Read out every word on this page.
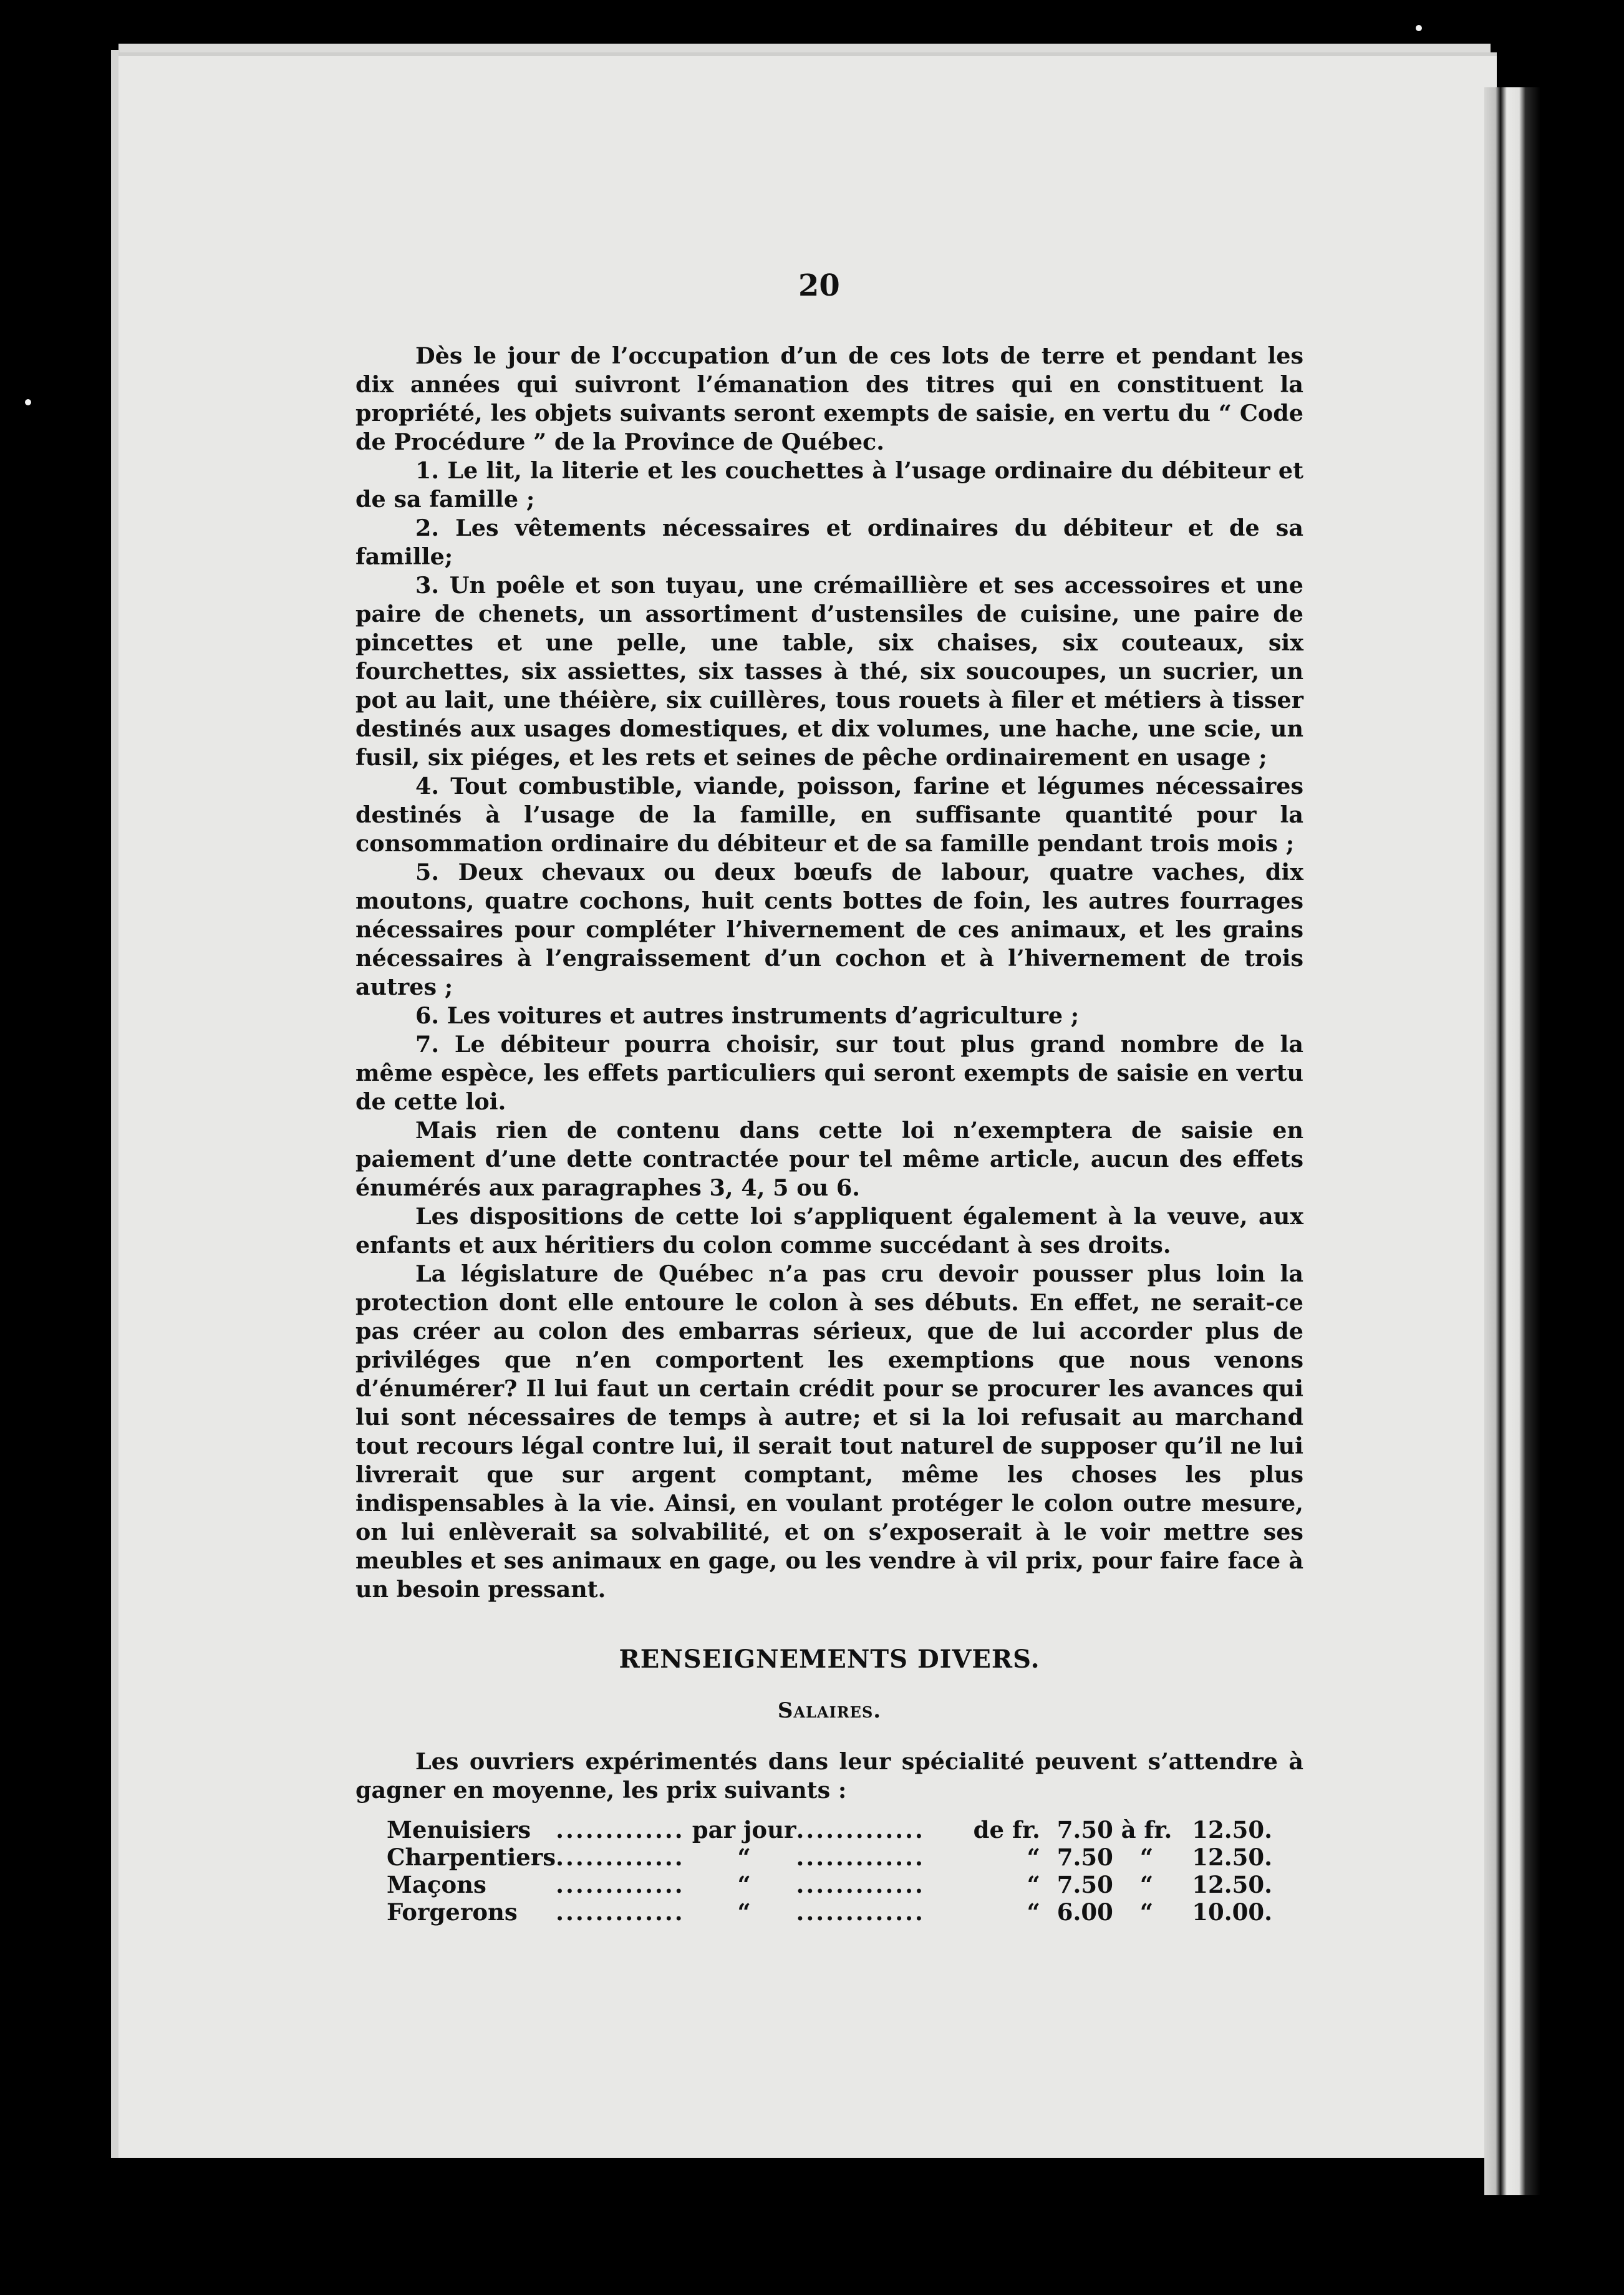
20

Dès le jour de l’occupation d’un de ces lots de terre et pendant les dix années qui suivront l’émanation des titres qui en constituent la propriété, les objets suivants seront exempts de saisie, en vertu du “ Code de Procédure ” de la Province de Québec.

1. Le lit, la literie et les couchettes à l’usage ordinaire du débiteur et de sa famille ;

2. Les vêtements nécessaires et ordinaires du débiteur et de sa famille;

3. Un poêle et son tuyau, une crémaillière et ses accessoires et une paire de chenets, un assortiment d’ustensiles de cuisine, une paire de pincettes et une pelle, une table, six chaises, six couteaux, six fourchettes, six assiettes, six tasses à thé, six soucoupes, un sucrier, un pot au lait, une théière, six cuillères, tous rouets à filer et métiers à tisser destinés aux usages domestiques, et dix volumes, une hache, une scie, un fusil, six piéges, et les rets et seines de pêche ordinairement en usage ;

4. Tout combustible, viande, poisson, farine et légumes nécessaires destinés à l’usage de la famille, en suffisante quantité pour la consommation ordinaire du débiteur et de sa famille pendant trois mois ;

5. Deux chevaux ou deux bœufs de labour, quatre vaches, dix moutons, quatre cochons, huit cents bottes de foin, les autres fourrages nécessaires pour compléter l’hivernement de ces animaux, et les grains nécessaires à l’engraissement d’un cochon et à l’hivernement de trois autres ;

6. Les voitures et autres instruments d’agriculture ;

7. Le débiteur pourra choisir, sur tout plus grand nombre de la même espèce, les effets particuliers qui seront exempts de saisie en vertu de cette loi.

Mais rien de contenu dans cette loi n’exemptera de saisie en paiement d’une dette contractée pour tel même article, aucun des effets énumérés aux paragraphes 3, 4, 5 ou 6.

Les dispositions de cette loi s’appliquent également à la veuve, aux enfants et aux héritiers du colon comme succédant à ses droits.

La législature de Québec n’a pas cru devoir pousser plus loin la protection dont elle entoure le colon à ses débuts. En effet, ne serait-ce pas créer au colon des embarras sérieux, que de lui accorder plus de priviléges que n’en comportent les exemptions que nous venons d’énumérer? Il lui faut un certain crédit pour se procurer les avances qui lui sont nécessaires de temps à autre; et si la loi refusait au marchand tout recours légal contre lui, il serait tout naturel de supposer qu’il ne lui livrerait que sur argent comptant, même les choses les plus indispensables à la vie. Ainsi, en voulant protéger le colon outre mesure, on lui enlèverait sa solvabilité, et on s’exposerait à le voir mettre ses meubles et ses animaux en gage, ou les vendre à vil prix, pour faire face à un besoin pressant.

RENSEIGNEMENTS DIVERS.

Salaires.

Les ouvriers expérimentés dans leur spécialité peuvent s’attendre à gagner en moyenne, les prix suivants :

Menuisiers	.............	par jour	.............	de fr.	7.50	à fr.	12.50.
Charpentiers	.............	“	.............	“	7.50	“	12.50.
Maçons	.............	“	.............	“	7.50	“	12.50.
Forgerons	.............	“	.............	“	6.00	“	10.00.
